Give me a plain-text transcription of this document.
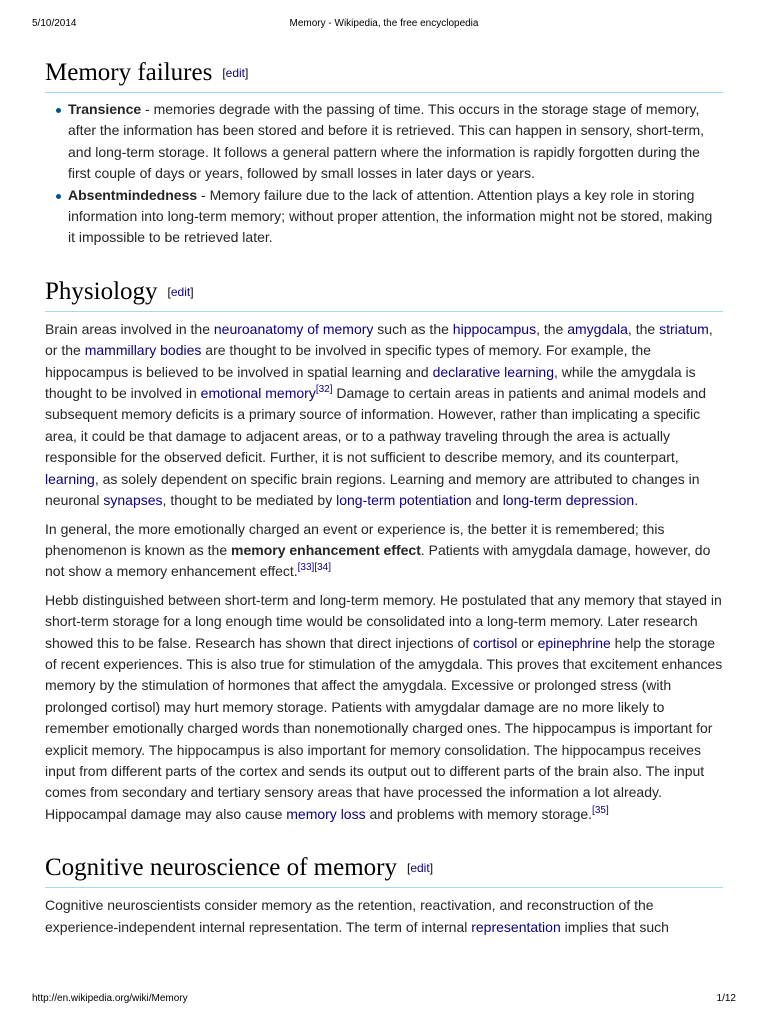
5/10/2014	Memory - Wikipedia, the free encyclopedia
Memory failures [edit]
Transience - memories degrade with the passing of time. This occurs in the storage stage of memory, after the information has been stored and before it is retrieved. This can happen in sensory, short-term, and long-term storage. It follows a general pattern where the information is rapidly forgotten during the first couple of days or years, followed by small losses in later days or years.
Absentmindedness - Memory failure due to the lack of attention. Attention plays a key role in storing information into long-term memory; without proper attention, the information might not be stored, making it impossible to be retrieved later.
Physiology [edit]

Brain areas involved in the neuroanatomy of memory such as the hippocampus, the amygdala, the striatum, or the mammillary bodies are thought to be involved in specific types of memory. For example, the hippocampus is believed to be involved in spatial learning and declarative learning, while the amygdala is thought to be involved in emotional memory[32] Damage to certain areas in patients and animal models and subsequent memory deficits is a primary source of information. However, rather than implicating a specific area, it could be that damage to adjacent areas, or to a pathway traveling through the area is actually responsible for the observed deficit. Further, it is not sufficient to describe memory, and its counterpart, learning, as solely dependent on specific brain regions. Learning and memory are attributed to changes in neuronal synapses, thought to be mediated by long-term potentiation and long-term depression.

In general, the more emotionally charged an event or experience is, the better it is remembered; this phenomenon is known as the memory enhancement effect. Patients with amygdala damage, however, do not show a memory enhancement effect.[33][34]

Hebb distinguished between short-term and long-term memory. He postulated that any memory that stayed in short-term storage for a long enough time would be consolidated into a long-term memory. Later research showed this to be false. Research has shown that direct injections of cortisol or epinephrine help the storage of recent experiences. This is also true for stimulation of the amygdala. This proves that excitement enhances memory by the stimulation of hormones that affect the amygdala. Excessive or prolonged stress (with prolonged cortisol) may hurt memory storage. Patients with amygdalar damage are no more likely to remember emotionally charged words than nonemotionally charged ones. The hippocampus is important for explicit memory. The hippocampus is also important for memory consolidation. The hippocampus receives input from different parts of the cortex and sends its output out to different parts of the brain also. The input comes from secondary and tertiary sensory areas that have processed the information a lot already. Hippocampal damage may also cause memory loss and problems with memory storage.[35]

Cognitive neuroscience of memory [edit]

Cognitive neuroscientists consider memory as the retention, reactivation, and reconstruction of the experience-independent internal representation. The term of internal representation implies that such

http://en.wikipedia.org/wiki/Memory	1/12
